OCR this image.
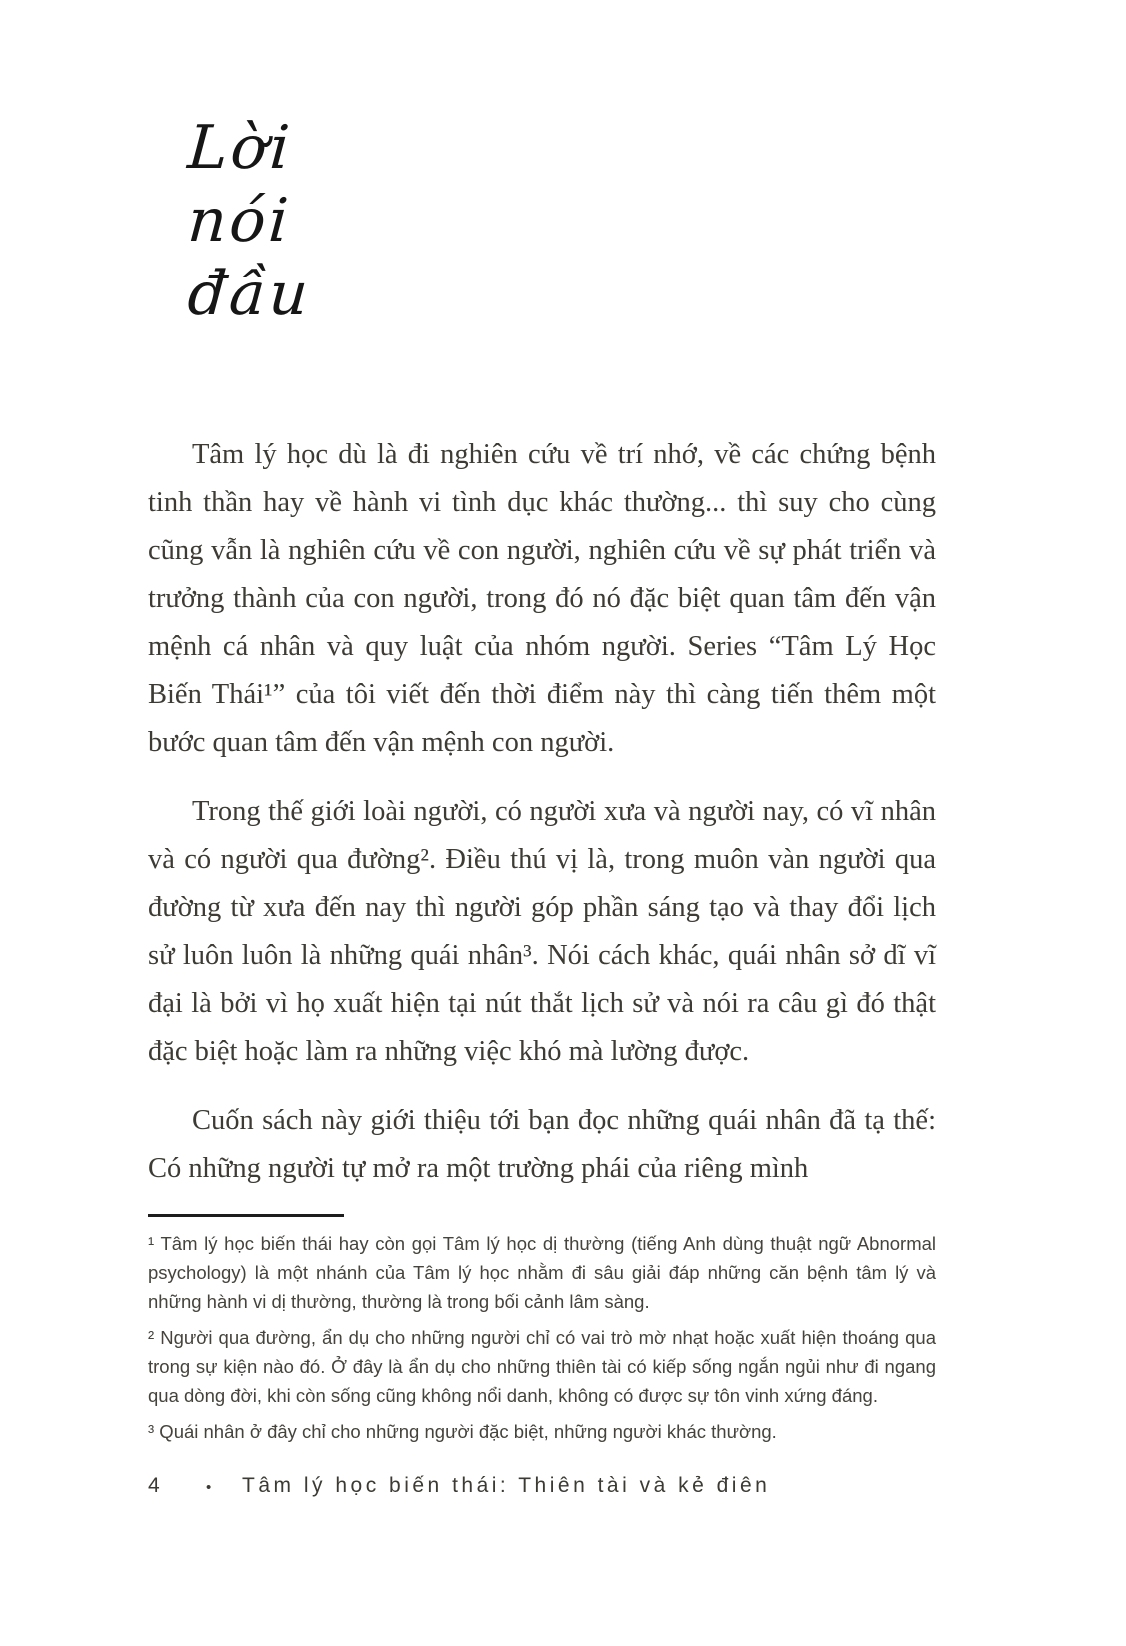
Lời
nói
đầu

Tâm lý học dù là đi nghiên cứu về trí nhớ, về các chứng bệnh tinh thần hay về hành vi tình dục khác thường... thì suy cho cùng cũng vẫn là nghiên cứu về con người, nghiên cứu về sự phát triển và trưởng thành của con người, trong đó nó đặc biệt quan tâm đến vận mệnh cá nhân và quy luật của nhóm người. Series “Tâm Lý Học Biến Thái¹” của tôi viết đến thời điểm này thì càng tiến thêm một bước quan tâm đến vận mệnh con người.

Trong thế giới loài người, có người xưa và người nay, có vĩ nhân và có người qua đường². Điều thú vị là, trong muôn vàn người qua đường từ xưa đến nay thì người góp phần sáng tạo và thay đổi lịch sử luôn luôn là những quái nhân³. Nói cách khác, quái nhân sở dĩ vĩ đại là bởi vì họ xuất hiện tại nút thắt lịch sử và nói ra câu gì đó thật đặc biệt hoặc làm ra những việc khó mà lường được.

Cuốn sách này giới thiệu tới bạn đọc những quái nhân đã tạ thế: Có những người tự mở ra một trường phái của riêng mình

¹ Tâm lý học biến thái hay còn gọi Tâm lý học dị thường (tiếng Anh dùng thuật ngữ Abnormal psychology) là một nhánh của Tâm lý học nhằm đi sâu giải đáp những căn bệnh tâm lý và những hành vi dị thường, thường là trong bối cảnh lâm sàng.

² Người qua đường, ẩn dụ cho những người chỉ có vai trò mờ nhạt hoặc xuất hiện thoáng qua trong sự kiện nào đó. Ở đây là ẩn dụ cho những thiên tài có kiếp sống ngắn ngủi như đi ngang qua dòng đời, khi còn sống cũng không nổi danh, không có được sự tôn vinh xứng đáng.

³ Quái nhân ở đây chỉ cho những người đặc biệt, những người khác thường.

4	•	Tâm lý học biến thái: Thiên tài và kẻ điên
